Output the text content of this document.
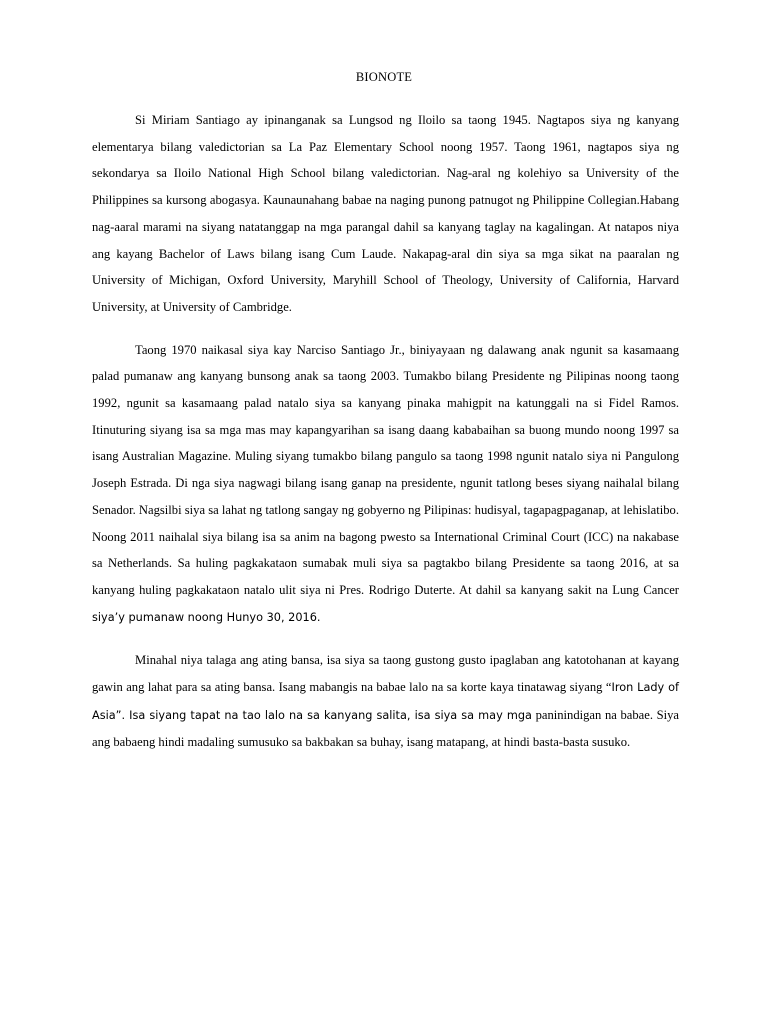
BIONOTE

Si Miriam Santiago ay ipinanganak sa Lungsod ng Iloilo sa taong 1945. Nagtapos siya ng kanyang elementarya bilang valedictorian sa La Paz Elementary School noong 1957. Taong 1961, nagtapos siya ng sekondarya sa Iloilo National High School bilang valedictorian. Nag-aral ng kolehiyo sa University of the Philippines sa kursong abogasya. Kaunaunahang babae na naging punong patnugot ng Philippine Collegian.Habang nag-aaral marami na siyang natatanggap na mga parangal dahil sa kanyang taglay na kagalingan. At natapos niya ang kayang Bachelor of Laws bilang isang Cum Laude. Nakapag-aral din siya sa mga sikat na paaralan ng University of Michigan, Oxford University, Maryhill School of Theology, University of California, Harvard University, at University of Cambridge.

Taong 1970 naikasal siya kay Narciso Santiago Jr., biniyayaan ng dalawang anak ngunit sa kasamaang palad pumanaw ang kanyang bunsong anak sa taong 2003. Tumakbo bilang Presidente ng Pilipinas noong taong 1992, ngunit sa kasamaang palad natalo siya sa kanyang pinaka mahigpit na katunggali na si Fidel Ramos. Itinuturing siyang isa sa mga mas may kapangyarihan sa isang daang kababaihan sa buong mundo noong 1997 sa isang Australian Magazine. Muling siyang tumakbo bilang pangulo sa taong 1998 ngunit natalo siya ni Pangulong Joseph Estrada. Di nga siya nagwagi bilang isang ganap na presidente, ngunit tatlong beses siyang naihalal bilang Senador. Nagsilbi siya sa lahat ng tatlong sangay ng gobyerno ng Pilipinas: hudisyal, tagapagpaganap, at lehislatibo. Noong 2011 naihalal siya bilang isa sa anim na bagong pwesto sa International Criminal Court (ICC) na nakabase sa Netherlands. Sa huling pagkakataon sumabak muli siya sa pagtakbo bilang Presidente sa taong 2016, at sa kanyang huling pagkakataon natalo ulit siya ni Pres. Rodrigo Duterte. At dahil sa kanyang sakit na Lung Cancer siya’y pumanaw noong Hunyo 30, 2016.

Minahal niya talaga ang ating bansa, isa siya sa taong gustong gusto ipaglaban ang katotohanan at kayang gawin ang lahat para sa ating bansa. Isang mabangis na babae lalo na sa korte kaya tinatawag siyang “Iron Lady of Asia”. Isa siyang tapat na tao lalo na sa kanyang salita, isa siya sa may mga paninindigan na babae. Siya ang babaeng hindi madaling sumusuko sa bakbakan sa buhay, isang matapang, at hindi basta-basta susuko.
